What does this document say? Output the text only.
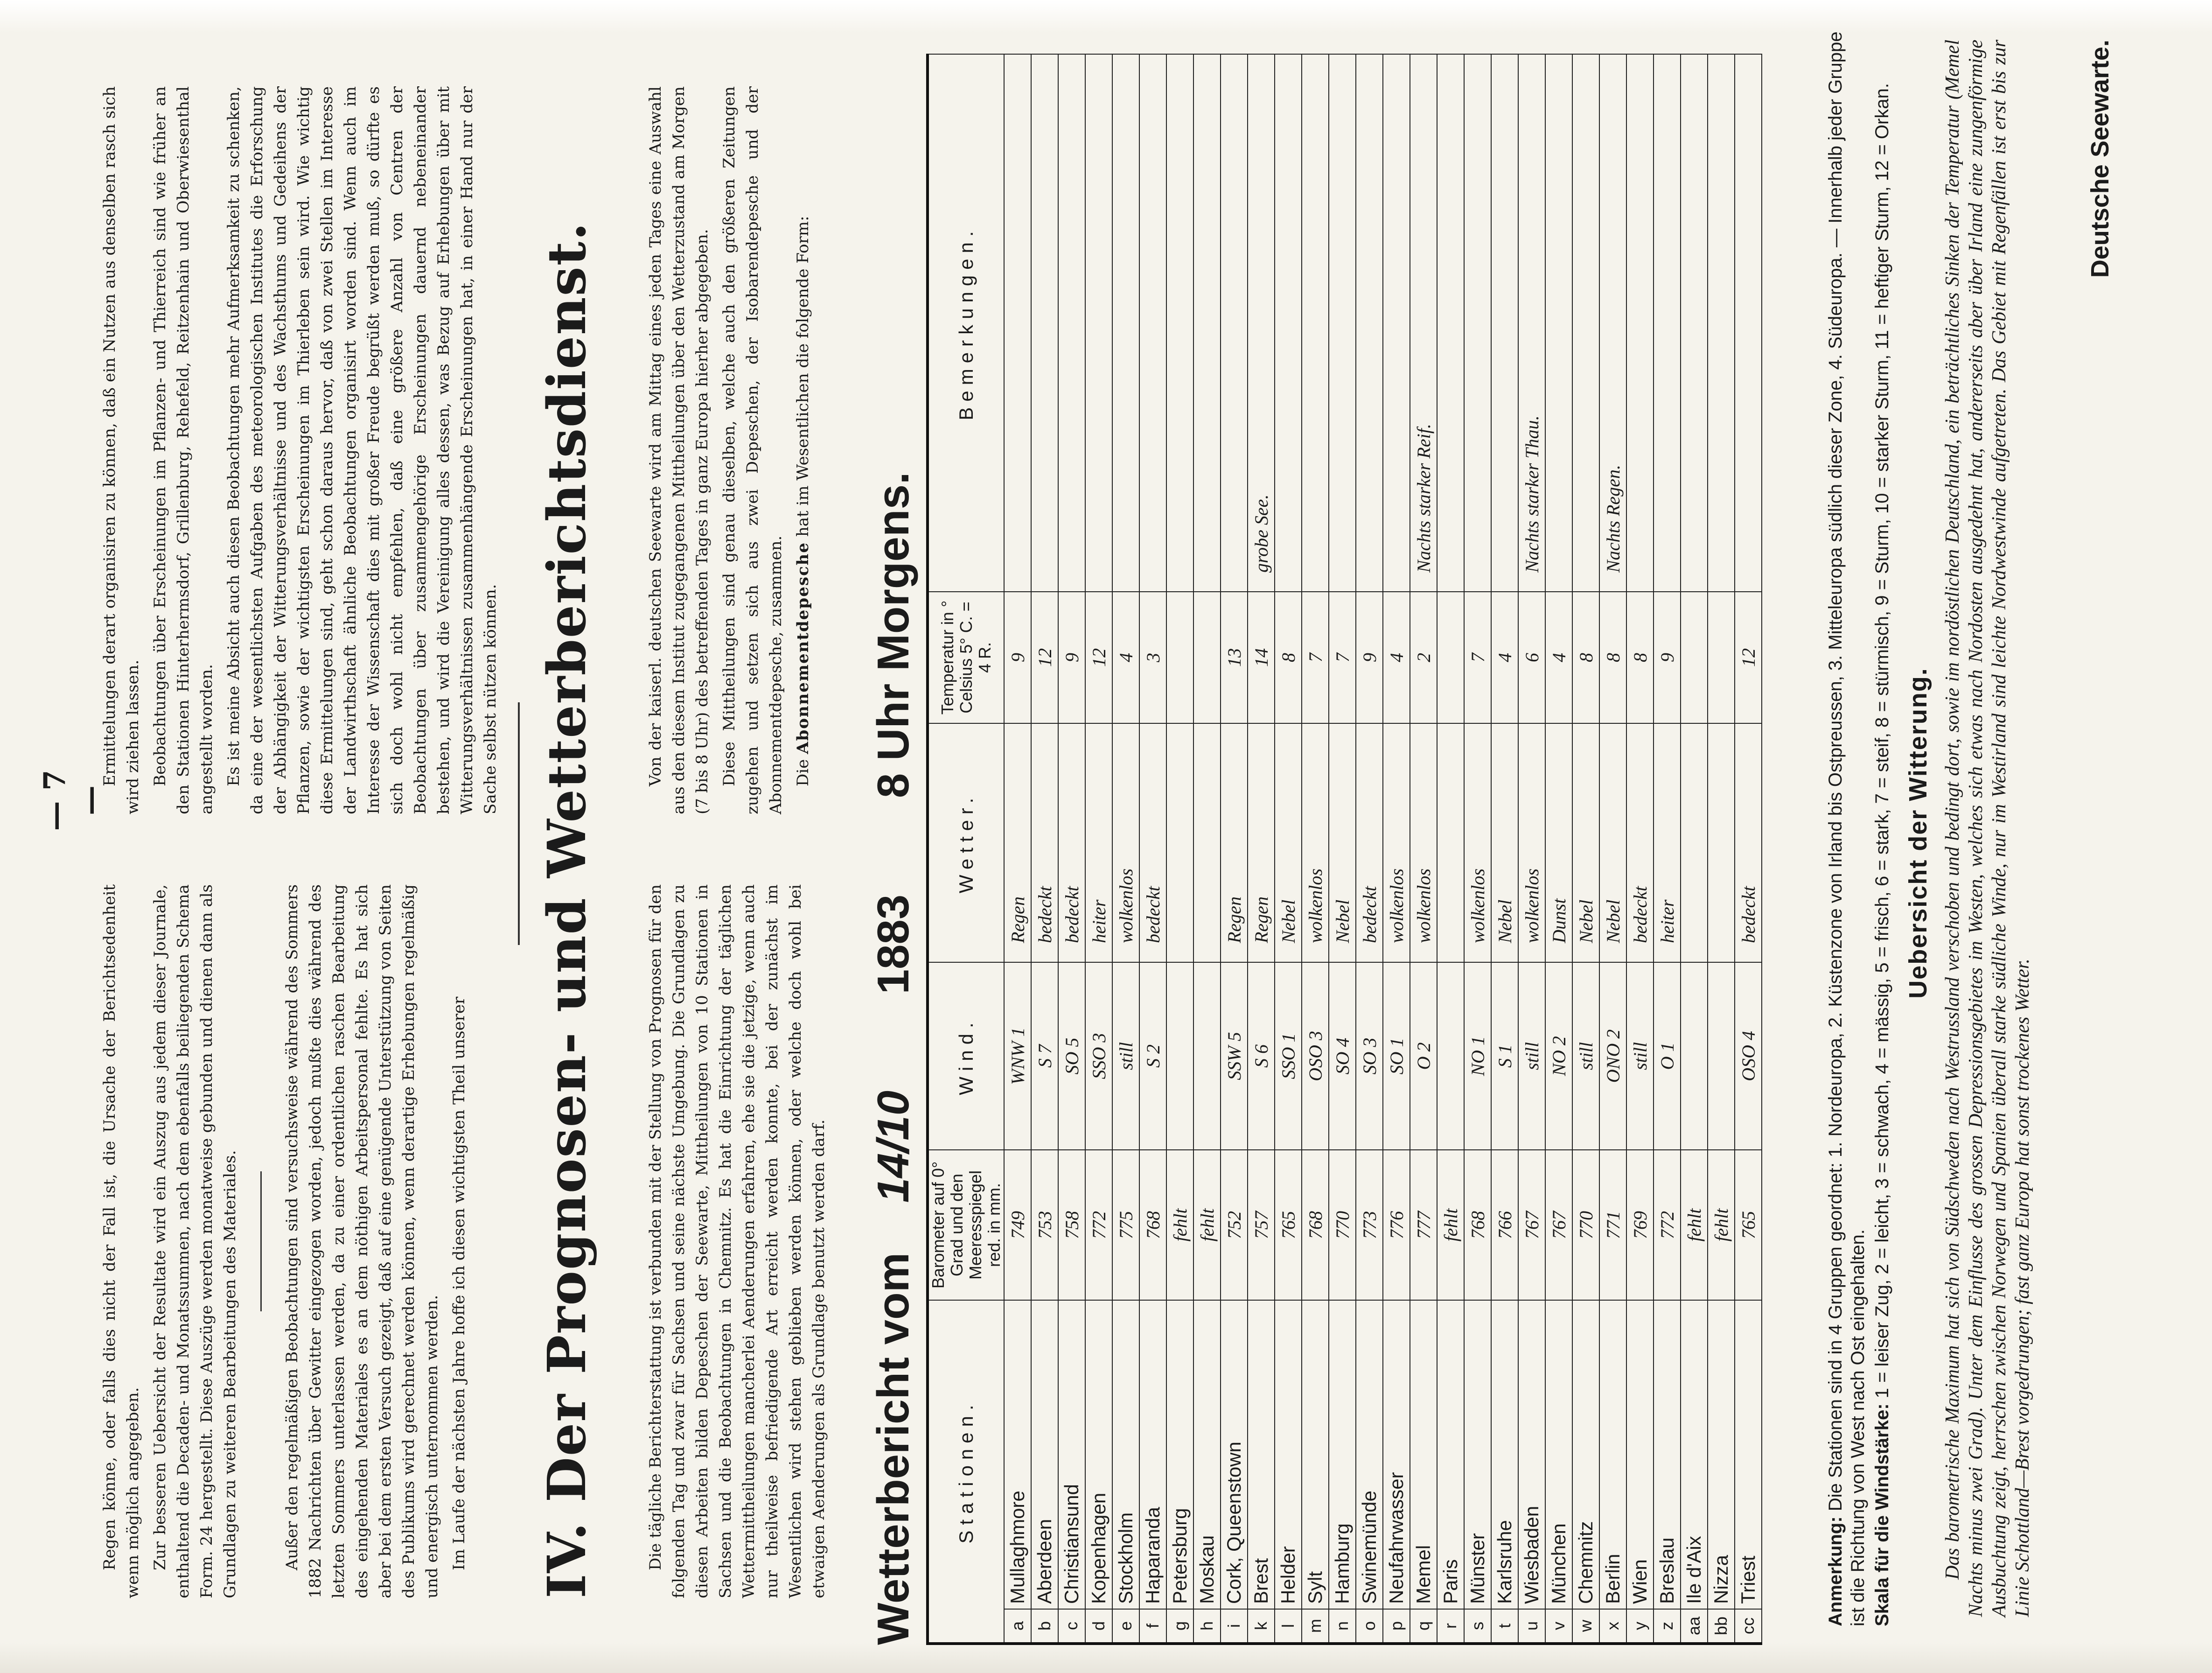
— 7 —

Regen könne, oder falls dies nicht der Fall ist, die Ursache der Berichtsedenheit wenn möglich angegeben. Zur besseren Uebersicht der Resultate wird ein Auszug aus jedem dieser Journale, enthaltend die Decaden- und Monatssummen, nach dem ebenfalls beiliegenden Schema Form. 24 hergestellt. Diese Auszüge werden monatweise gebunden und dienen dann als Grundlagen zu weiteren Bearbeitungen des Materiales.	Außer den regelmäßigen Beobachtungen sind versuchsweise während des Sommers 1882 Nachrichten über Gewitter eingezogen worden, jedoch mußte dies während des letzten Sommers unterlassen werden, da zu einer ordentlichen raschen Bearbeitung des eingehenden Materiales es an dem nöthigen Arbeitspersonal fehlte. Es hat sich aber bei dem ersten Versuch gezeigt, daß auf eine genügende Unterstützung von Seiten des Publikums wird gerechnet werden können, wenn derartige Erhebungen regelmäßig und energisch unternommen werden. Im Laufe der nächsten Jahre hoffe ich diesen wichtigsten Theil unserer

Ermittelungen derart organisiren zu können, daß ein Nutzen aus denselben rasch sich wird ziehen lassen. Beobachtungen über Erscheinungen im Pflanzen- und Thierreich sind wie früher an den Stationen Hinterhermsdorf, Grillenburg, Rehefeld, Reitzenhain und Oberwiesenthal angestellt worden. Es ist meine Absicht auch diesen Beobachtungen mehr Aufmerksamkeit zu schenken, da eine der wesentlichsten Aufgaben des meteorologischen Institutes die Erforschung der Abhängigkeit der Witterungsverhältnisse und des Wachsthums und Gedeihens der Pflanzen, sowie der wichtigsten Erscheinungen im Thierleben sein wird. Wie wichtig diese Ermittelungen sind, geht schon daraus hervor, daß von zwei Stellen im Interesse der Landwirthschaft ähnliche Beobachtungen organisirt worden sind. Wenn auch im Interesse der Wissenschaft dies mit großer Freude begrüßt werden muß, so dürfte es sich doch wohl nicht empfehlen, daß eine größere Anzahl von Centren der Beobachtungen über zusammengehörige Erscheinungen dauernd nebeneinander bestehen, und wird die Vereinigung alles dessen, was Bezug auf Erhebungen über mit Witterungsverhältnissen zusammenhängende Erscheinungen hat, in einer Hand nur der Sache selbst nützen können. IV. Der Prognosen- und Wetterberichtsdienst.	Die tägliche Berichterstattung ist verbunden mit der Stellung von Prognosen für den folgenden Tag und zwar für Sachsen und seine nächste Umgebung. Die Grundlagen zu diesen Arbeiten bilden Depeschen der Seewarte, Mittheilungen von 10 Stationen in Sachsen und die Beobachtungen in Chemnitz. Es hat die Einrichtung der täglichen Wettermittheilungen mancherlei Aenderungen erfahren, ehe sie die jetzige, wenn auch nur theilweise befriedigende Art erreicht werden konnte, bei der zunächst im Wesentlichen wird stehen geblieben werden können, oder welche doch wohl bei etwaigen Aenderungen als Grundlage benutzt werden darf.

Von der kaiserl. deutschen Seewarte wird am Mittag eines jeden Tages eine Auswahl aus den diesem Institut zugegangenen Mittheilungen über den Wetterzustand am Morgen (7 bis 8 Uhr) des betreffenden Tages in ganz Europa hierher abgegeben. Diese Mittheilungen sind genau dieselben, welche auch den größeren Zeitungen zugehen und setzen sich aus zwei Depeschen, der Isobarendepesche und der Abonnementdepesche, zusammen. Die Abonnementdepesche hat im Wesentlichen die folgende Form:

Wetterbericht vom 14/10 1883 8 Uhr Morgens.
Stationen.		Barometer auf 0° Grad und den Meeresspiegel red. in mm.	Wind.	Wetter.	Temperatur in ° Celsius 5° C. = 4 R.	Bemerkungen.
a	Mullaghmore	749	WNW 1	Regen	9	
b	Aberdeen	753	S 7	bedeckt	12	
c	Christiansund	758	SO 5	bedeckt	9	
d	Kopenhagen	772	SSO 3	heiter	12	
e	Stockholm	775	still	wolkenlos	4	
f	Haparanda	768	S 2	bedeckt	3	
g	Petersburg	fehlt				
h	Moskau	fehlt				
i	Cork, Queenstown	752	SSW 5	Regen	13	
k	Brest	757	S 6	Regen	14	grobe See.
l	Helder	765	SSO 1	Nebel	8	
m	Sylt	768	OSO 3	wolkenlos	7	
n	Hamburg	770	SO 4	Nebel	7	
o	Swinemünde	773	SO 3	bedeckt	9	
p	Neufahrwasser	776	SO 1	wolkenlos	4	
q	Memel	777	O 2	wolkenlos	2	Nachts starker Reif.
r	Paris	fehlt				
s	Münster	768	NO 1	wolkenlos	7	
t	Karlsruhe	766	S 1	Nebel	4	
u	Wiesbaden	767	still	wolkenlos	6	Nachts starker Thau.
v	München	767	NO 2	Dunst	4	
w	Chemnitz	770	still	Nebel	8	
x	Berlin	771	ONO 2	Nebel	8	Nachts Regen.
y	Wien	769	still	bedeckt	8	
z	Breslau	772	O 1	heiter	9	
aa	Ile d'Aix	fehlt				
bb	Nizza	fehlt				
cc	Triest	765	OSO 4	bedeckt	12	
Anmerkung: Die Stationen sind in 4 Gruppen geordnet: 1. Nordeuropa, 2. Küstenzone von Irland bis Ostpreussen, 3. Mitteleuropa südlich dieser Zone, 4. Südeuropa. — Innerhalb jeder Gruppe ist die Richtung von West nach Ost eingehalten. Skala für die Windstärke: 1 = leiser Zug, 2 = leicht, 3 = schwach, 4 = mässig, 5 = frisch, 6 = stark, 7 = steif, 8 = stürmisch, 9 = Sturm, 10 = starker Sturm, 11 = heftiger Sturm, 12 = Orkan. Uebersicht der Witterung. Das barometrische Maximum hat sich von Südschweden nach Westrussland verschoben und bedingt dort, sowie im nordöstlichen Deutschland, ein beträchtliches Sinken der Temperatur (Memel Nachts minus zwei Grad). Unter dem Einflusse des grossen Depressionsgebietes im Westen, welches sich etwas nach Nordosten ausgedehnt hat, andererseits aber über Irland eine zungenförmige Ausbuchtung zeigt, herrschen zwischen Norwegen und Spanien überall starke südliche Winde, nur im Westirland sind leichte Nordwestwinde aufgetreten. Das Gebiet mit Regenfällen ist erst bis zur Linie Schottland—Brest vorgedrungen; fast ganz Europa hat sonst trockenes Wetter.
Deutsche Seewarte.
